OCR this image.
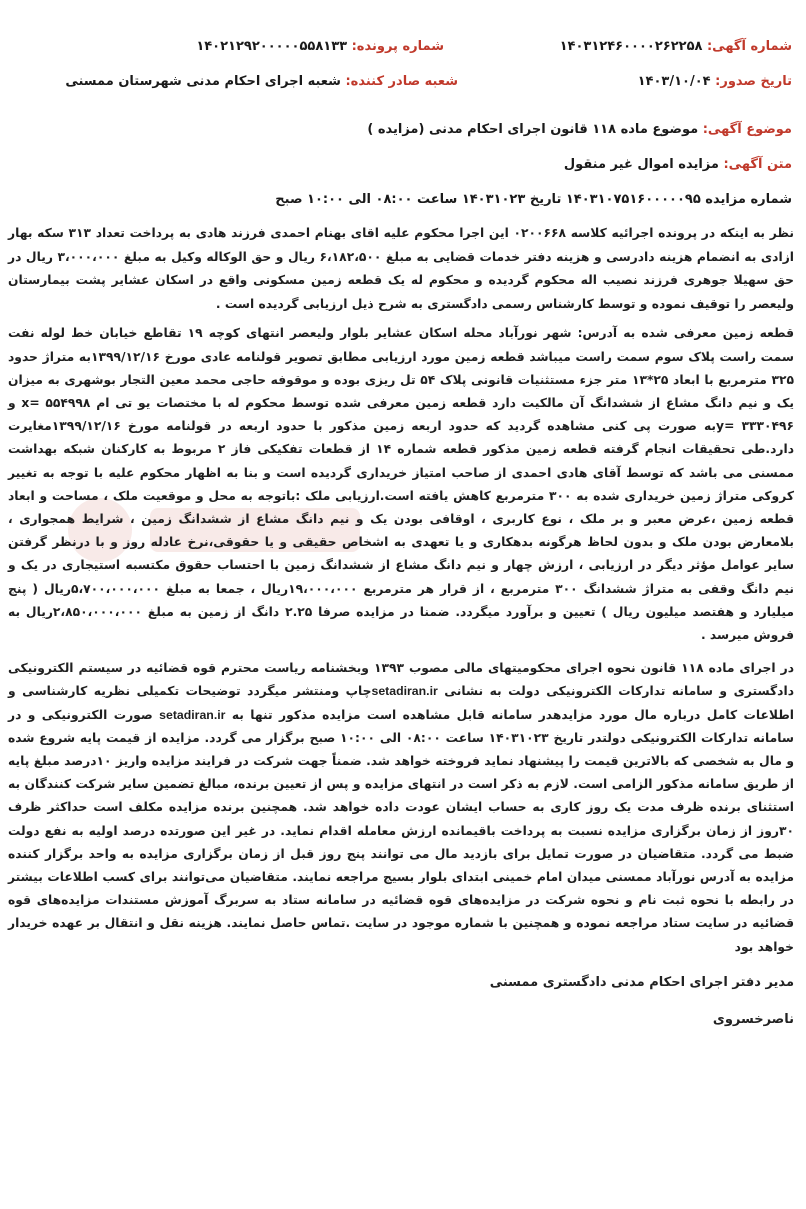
شماره آگهی: ۱۴۰۳۱۲۴۶۰۰۰۰۲۶۲۲۵۸
شماره پرونده: ۱۴۰۲۱۲۹۲۰۰۰۰۰۵۵۸۱۳۳
تاریخ صدور: ۱۴۰۳/۱۰/۰۴
شعبه صادر کننده: شعبه اجرای احکام مدنی شهرستان ممسنی
موضوع آگهی: موضوع ماده ۱۱۸ قانون اجرای احکام مدنی (مزایده )
متن آگهی: مزایده اموال غیر منقول
شماره مزایده ۱۴۰۳۱۰۷۵۱۶۰۰۰۰۰۹۵ تاریخ ۱۴۰۳۱۰۲۳ ساعت ۰۸:۰۰ الی ۱۰:۰۰ صبح

نظر به اینکه در پرونده اجرائیه کلاسه ۰۲۰۰۶۶۸ این اجرا محکوم علیه اقای بهنام احمدی فرزند هادی به پرداخت تعداد ۳۱۳ سکه بهار ازادی به انضمام هزینه دادرسی و هزینه دفتر خدمات قضایی به مبلغ ۶،۱۸۲،۵۰۰ ریال و حق الوکاله وکیل به مبلغ ۳،۰۰۰،۰۰۰ ریال در حق سهیلا جوهری فرزند نصیب اله محکوم گردیده و محکوم له یک قطعه زمین مسکونی واقع در اسکان عشایر پشت بیمارستان ولیعصر را توقیف نموده و توسط کارشناس رسمی دادگستری به شرح ذیل ارزیابی گردیده است .

قطعه زمین معرفی شده به آدرس: شهر نورآباد محله اسکان عشایر بلوار ولیعصر انتهای کوچه ۱۹ تقاطع خیابان خط لوله نفت سمت راست پلاک سوم سمت راست میباشد قطعه زمین مورد ارزیابی مطابق تصویر قولنامه عادی مورخ ۱۳۹۹/۱۲/۱۶به متراژ حدود ۳۲۵ مترمربع با ابعاد ۲۵*۱۳ متر جزء مستثنیات قانونی پلاک ۵۴ تل ریزی بوده و موقوفه حاجی محمد معین التجار بوشهری به میزان یک و نیم دانگ مشاع از ششدانگ آن مالکیت دارد قطعه زمین معرفی شده توسط محکوم له با مختصات یو تی ام ۵۵۴۹۹۸ =x و ۳۳۳۰۴۹۶ =yبه صورت پی کنی مشاهده گردید که حدود اربعه زمین مذکور با حدود اربعه در قولنامه مورخ ۱۳۹۹/۱۲/۱۶مغایرت دارد.طی تحقیقات انجام گرفته قطعه زمین مذکور قطعه شماره ۱۴ از قطعات تفکیکی فاز ۲ مربوط به کارکنان شبکه بهداشت ممسنی می باشد که توسط آقای هادی احمدی از صاحب امتیاز خریداری گردیده است و بنا به اظهار محکوم علیه با توجه به تغییر کروکی متراژ زمین خریداری شده به ۳۰۰ مترمربع کاهش یافته است.ارزیابی ملک :باتوجه به محل و موقعیت ملک ، مساحت و ابعاد قطعه زمین ،عرض معبر و بر ملک ، نوع کاربری ، اوقافی بودن یک و نیم دانگ مشاع از ششدانگ زمین ، شرایط همجواری ، بلامعارض بودن ملک و بدون لحاظ هرگونه بدهکاری و یا تعهدی به اشخاص حقیقی و یا حقوقی،نرخ عادله روز و با درنظر گرفتن سایر عوامل مؤثر دیگر در ارزیابی ، ارزش چهار و نیم دانگ مشاع از ششدانگ زمین با احتساب حقوق مکتسبه استیجاری در یک و نیم دانگ وقفی به متراژ ششدانگ ۳۰۰ مترمربع ، از قرار هر مترمربع ۱۹،۰۰۰،۰۰۰ریال ، جمعا به مبلغ ۵،۷۰۰،۰۰۰،۰۰۰ریال ( پنج میلیارد و هفتصد میلیون ریال ) تعیین و برآورد میگردد. ضمنا در مزایده صرفا ۲.۲۵ دانگ از زمین به مبلغ ۲،۸۵۰،۰۰۰،۰۰۰ریال به فروش میرسد .

در اجرای ماده ۱۱۸ قانون نحوه اجرای محکومیتهای مالی مصوب ۱۳۹۳ وبخشنامه ریاست محترم قوه قضائیه در سیستم الکترونیکی دادگستری و سامانه تدارکات الکترونیکی دولت به نشانی setadiran.irچاپ ومنتشر میگردد توضیحات تکمیلی نظریه کارشناسی و اطلاعات کامل درباره مال مورد مزایدهدر سامانه قابل مشاهده است مزایده مذکور تنها به setadiran.ir صورت الکترونیکی و در سامانه تدارکات الکترونیکی دولتدر تاریخ ۱۴۰۳۱۰۲۳ ساعت ۰۸:۰۰ الی ۱۰:۰۰ صبح برگزار می گردد. مزایده از قیمت پایه شروع شده و مال به شخصی که بالاترین قیمت را پیشنهاد نماید فروخته خواهد شد. ضمناً جهت شرکت در فرایند مزایده واریز ۱۰درصد مبلغ پایه از طریق سامانه مذکور الزامی است. لازم به ذکر است در انتهای مزایده و پس از تعیین برنده، مبالغ تضمین سایر شرکت کنندگان به استثنای برنده ظرف مدت یک روز کاری به حساب ایشان عودت داده خواهد شد. همچنین برنده مزایده مکلف است حداکثر ظرف ۳۰روز از زمان برگزاری مزایده نسبت به پرداخت باقیمانده ارزش معامله اقدام نماید. در غیر این صورتده درصد اولیه به نفع دولت ضبط می گردد. متقاضیان در صورت تمایل برای بازدید مال می توانند پنج روز قبل از زمان برگزاری مزایده به واحد برگزار کننده مزایده به آدرس نورآباد ممسنی میدان امام خمینی ابتدای بلوار بسیج مراجعه نمایند. متقاضیان می‌توانند برای کسب اطلاعات بیشتر در رابطه با نحوه ثبت نام و نحوه شرکت در مزایده‌های قوه قضائیه در سامانه ستاد به سربرگ آموزش مستندات مزایده‌های قوه قضائیه در سایت ستاد مراجعه نموده و همچنین با شماره موجود در سایت .تماس حاصل نمایند. هزینه نقل و انتقال بر عهده خریدار خواهد بود

مدیر دفتر اجرای احکام مدنی دادگستری ممسنی
ناصرخسروی
